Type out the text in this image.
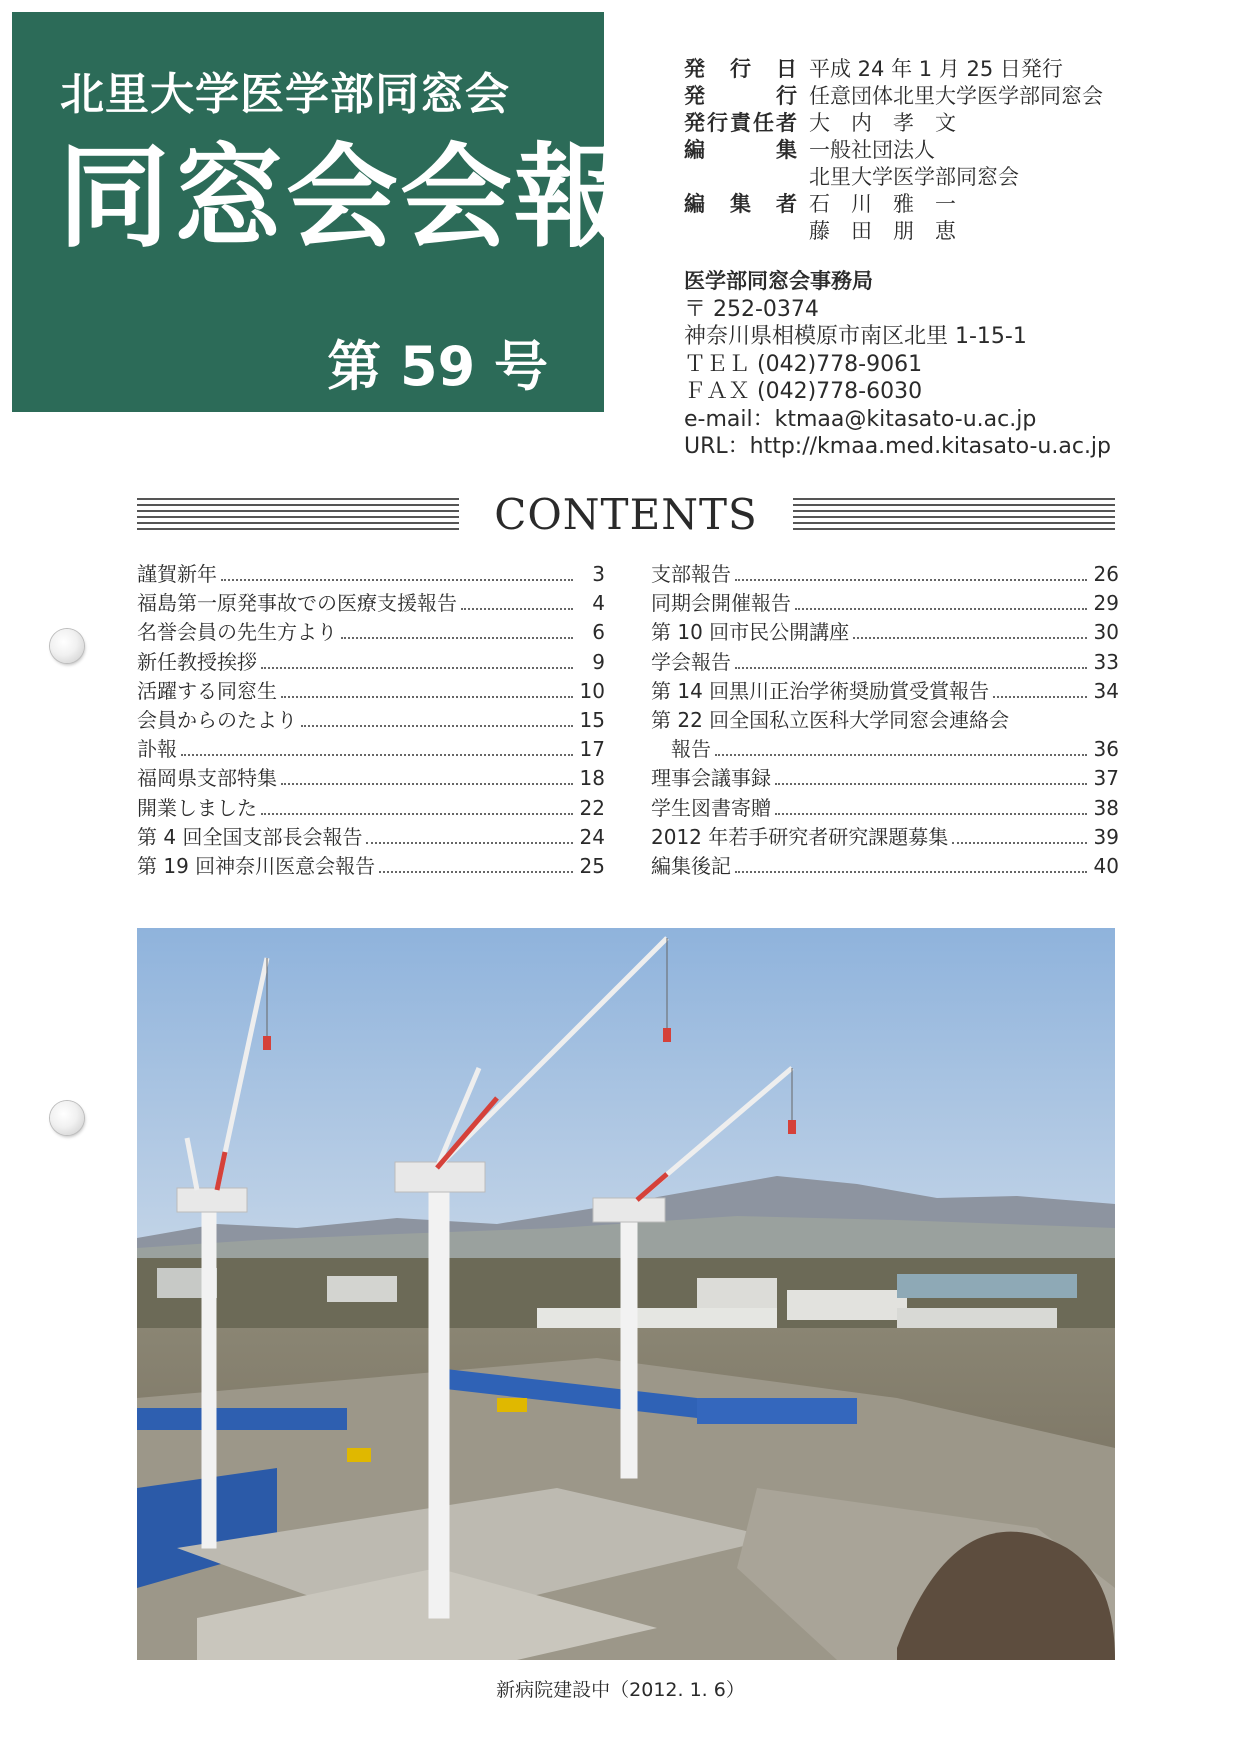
北里大学医学部同窓会
同窓会会報
第 59 号
発行日 平成 24 年 1 月 25 日発行
発行 任意団体北里大学医学部同窓会
発行責任者 大　内　孝　文
編集 一般社団法人
北里大学医学部同窓会
編集者 石　川　雅　一
藤　田　朋　恵
医学部同窓会事務局
〒 252-0374
神奈川県相模原市南区北里 1-15-1
ＴＥＬ (042)778-9061
ＦＡＸ (042)778-6030
e-mail：ktmaa@kitasato-u.ac.jp
URL：http://kmaa.med.kitasato-u.ac.jp
CONTENTS
謹賀新年	3
福島第一原発事故での医療支援報告	4
名誉会員の先生方より	6
新任教授挨拶	9
活躍する同窓生	10
会員からのたより	15
訃報	17
福岡県支部特集	18
開業しました	22
第 4 回全国支部長会報告	24
第 19 回神奈川医意会報告	25
支部報告	26
同期会開催報告	29
第 10 回市民公開講座	30
学会報告	33
第 14 回黒川正治学術奨励賞受賞報告	34
第 22 回全国私立医科大学同窓会連絡会
　報告	36
理事会議事録	37
学生図書寄贈	38
2012 年若手研究者研究課題募集	39
編集後記	40
新病院建設中（2012. 1. 6）
